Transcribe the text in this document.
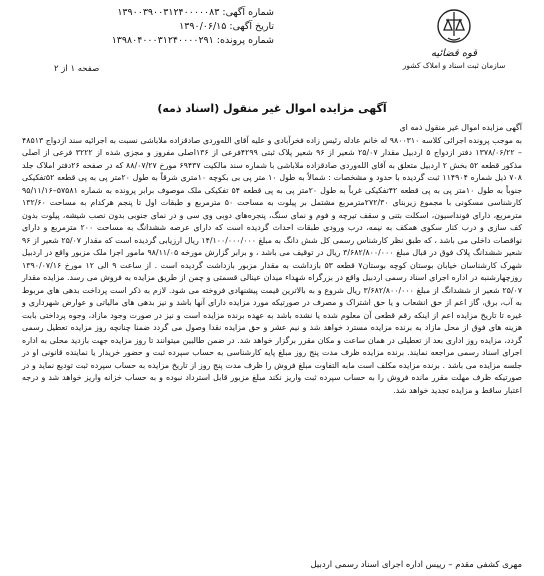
شماره آگهی: ۱۳۹۰۰۳۹۰۰۳۱۲۴۰۰۰۰۰۸۳
تاریخ آگهی: ۱۳۹۰/۰۶/۱۵
شماره پرونده: ۱۳۹۸۰۴۰۰۰۳۱۲۴۰۰۰۰۲۹۱
قوه قضائیه
سازمان ثبت اسناد و املاک کشور
صفحه ۱ از ۲
آگهی مزایده اموال غیر منقول (اسناد ذمه)

آگهی مزایده اموال غیر منقول ذمه ای

به موجب پرونده اجرائی کلاسه ۹۸۰۰۳۱۰ له خانم عادله رئیس زاده فخرآبادی و علیه آقای الله‌وردی صادقزاده ملاباشی نسبت به اجرائیه سند ازدواج ۴۸۵۱۳ – ۱۳۷۸/۰۶/۲۲ دفتر ازدواج ۵ اردبیل مقدار ۲۵/۰۷ شعیر از ۹۶ شعیر پلاک ثبتی ۴۲۹۹فرعی از ۱۳۶اصلی مفروز و مجزی شده از ۳۲۲۲ فرعی از اصلی مذکور قطعه ۵۲ بخش ۲ اردبیل متعلق به آقای الله‌وردی صادقزاده ملاباشی با شماره سند مالکیت ۶۹۴۳۷ مورخ ۸۸/۰۷/۲۷ که در صفحه ۲۶دفتر املاک جلد ۷۰۸ ذیل شماره ۱۱۴۹۰۴ ثبت گردیده با حدود و مشخصات : شمالاً به طول ۱۰ متر پی بی بکوچه ۱۰متری شرقاً به طول ۲۰متر پی به پی قطعه ۵۲تفکیکی جنوباً به طول ۱۰متر پی به پی قطعه ۴۲تفکیکی غرباً به طول ۲۰متر پی به پی قطعه ۵۴ تفکیکی ملک موصوف برابر پرونده به شماره ۵۷۵۸۱–۹۵/۱۱/۱۶ کارشناسی مسکونی با مجموع زیربنای ۲۷۲/۳۰مترمربع مشتمل بر پیلوت به مساحت ۵۰ مترمربع و طبقات اول تا پنجم هرکدام به مساحت ۱۳۲/۶۰ مترمربع، دارای فونداسیون، اسکلت بتنی و سقف تیرچه و فوم و نمای سنگ، پنجره‌های دوبی وی سی و در نمای جنوبی بدون نصب شیشه، پیلوت بدون کف سازی و درب کنار سکوی همکف به نیمه، درب ورودی طبقات احداث گردیده است که دارای عرصه ششدانگ به مساحت ۲۰۰ مترمربع و دارای نواقصات داخلی می باشد ، که طبق نظر کارشناس رسمی کل شش دانگ به مبلغ ۱۴/۱۰۰/۰۰۰/۰۰۰ ریال ارزیابی گردیده است که مقدار ۲۵/۰۷ شعیر از ۹۶ شعیر ششدانگ پلاک فوق در قبال مبلغ ۳/۶۸۲/۸۰۰/۰۰۰ ریال در توقیف می باشد ، و برابر گزارش مورخه ۹۸/۱۱/۰۵ مامور اجرا ملک مزبور واقع در اردبیل شهرک کارشناسان خیابان بوستان کوچه بوستان۷ قطعه ۵۳ بازداشت به مقدار مزبور بازداشت گردیده است . از ساعت ۹ الی ۱۲ مورخ ۱۳۹۰/۰۷/۱۶ روزچهارشنبه در اداره اجرای اسناد رسمی اردبیل واقع در بزرگراه شهداء میدان عینالی قسمتی و چمن از طریق مزایده به فروش می رسد. مزایده مقدار ۲۵/۰۷ شعیر از ششدانگ از مبلغ ۳/۶۸۲/۸۰۰/۰۰۰ ریال شروع و به بالاترین قیمت پیشنهادی فروخته می شود. لازم به ذکر است پرداخت بدهی های مربوط به آب، برق، گاز اعم از حق انشعاب و یا حق اشتراک و مصرف در صورتیکه مورد مزایده دارای آنها باشد و نیز بدهی های مالیاتی و عوارض شهرداری و غیره تا تاریخ مزایده اعم از اینکه رقم قطعی آن معلوم شده یا نشده باشد به عهده برنده مزایده است و نیز در صورت وجود مازاد، وجوه پرداختی بابت هزینه های فوق از محل مازاد به برنده مزایده مسترد خواهد شد و نیم عشر و حق مزایده نقدا وصول می گردد ضمنا چنانچه روز مزایده تعطیل رسمی گردد، مزایده روز اداری بعد از تعطیلی در همان ساعت و مکان مقرر برگزار خواهد شد. در ضمن طالبین میتوانند تا روز مزایده جهت بازدید محلی به اداره اجرای اسناد رسمی مراجعه نمایند. برنده مزایده ظرف مدت پنج روز مبلغ پایه کارشناسی به حساب سپرده ثبت و حضور خریدار یا نماینده قانونی او در جلسه مزایده می باشد . برنده مزایده مکلف است مابه التفاوت مبلغ فروش را ظرف مدت پنج روز از تاریخ مزایده به حساب سپرده ثبت تودیع نماید و در صورتیکه ظرف مهلت مقرر مانده فروش را به حساب سپرده ثبت واریز نکند مبلغ مزبور قابل استرداد نبوده و به حساب خزانه واریز خواهد شد و درجه اعتبار ساقط و مزایده تجدید خواهد شد.

مهری کشفی مقدم – رییس اداره اجرای اسناد رسمی اردبیل
